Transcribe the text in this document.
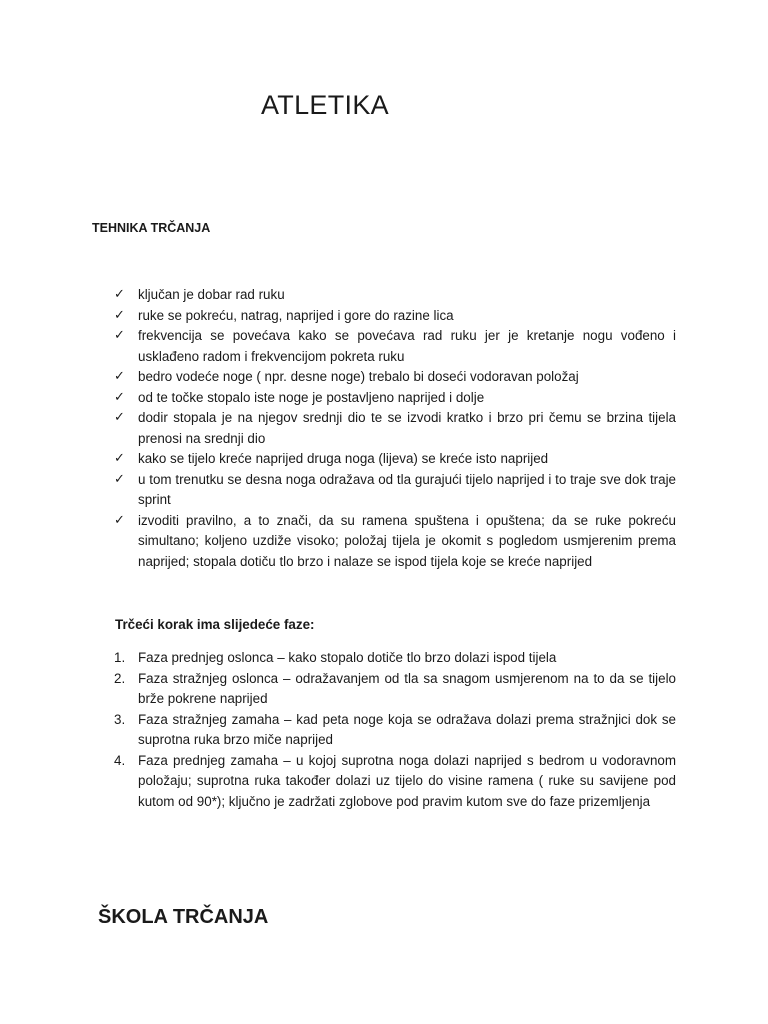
ATLETIKA
TEHNIKA TRČANJA
✓ ključan je dobar rad ruku
✓ ruke se pokreću, natrag, naprijed i gore do razine lica
✓ frekvencija se povećava kako se povećava rad ruku jer je kretanje nogu vođeno i usklađeno radom i frekvencijom pokreta ruku
✓ bedro vodeće noge ( npr. desne noge) trebalo bi doseći vodoravan položaj
✓ od te točke stopalo iste noge je postavljeno naprijed i dolje
✓ dodir stopala je na njegov srednji dio te se izvodi kratko i brzo pri čemu se brzina tijela prenosi na srednji dio
✓ kako se tijelo kreće naprijed druga noga (lijeva) se kreće isto naprijed
✓ u tom trenutku se desna noga odražava od tla gurajući tijelo naprijed i to traje sve dok traje sprint
✓ izvoditi pravilno, a to znači, da su ramena spuštena i opuštena; da se ruke pokreću simultano; koljeno uzdiže visoko; položaj tijela je okomit s pogledom usmjerenim prema naprijed; stopala dotiču tlo brzo i nalaze se ispod tijela koje se kreće naprijed

Trčeći korak ima slijedeće faze:

1. Faza prednjeg oslonca – kako stopalo dotiče tlo brzo dolazi ispod tijela
2. Faza stražnjeg oslonca – odražavanjem od tla sa snagom usmjerenom na to da se tijelo brže pokrene naprijed
3. Faza stražnjeg zamaha – kad peta noge koja se odražava dolazi prema stražnjici dok se suprotna ruka brzo miče naprijed
4. Faza prednjeg zamaha – u kojoj suprotna noga dolazi naprijed s bedrom u vodoravnom položaju; suprotna ruka također dolazi uz tijelo do visine ramena ( ruke su savijene pod kutom od 90*); ključno je zadržati zglobove pod pravim kutom sve do faze prizemljenja
ŠKOLA TRČANJA
